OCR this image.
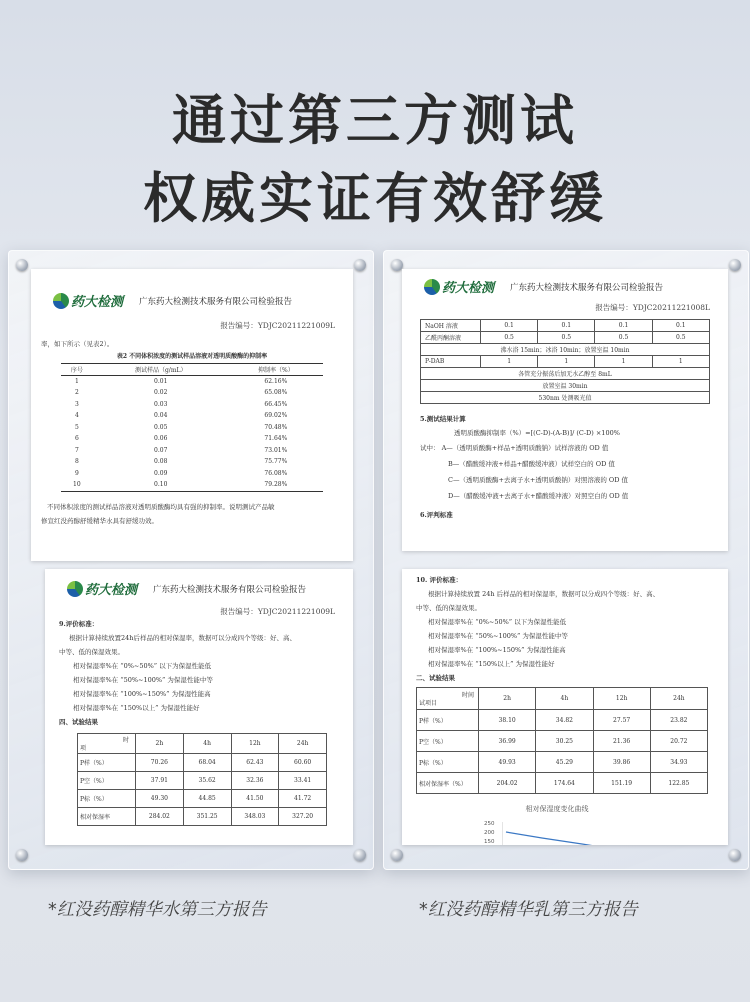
通过第三方测试
权威实证有效舒缓
药大检测 广东药大检测技术服务有限公司检验报告
报告编号：YDJC20211221009L
率，如下所示（见表2）。
表2 不同体积浓度的测试样品溶液对透明质酸酶的抑制率
序号	测试样品（g/mL）	抑制率（%）
1	0.01	62.16%
2	0.02	65.08%
3	0.03	66.45%
4	0.04	69.02%
5	0.05	70.48%
6	0.06	71.64%
7	0.07	73.01%
8	0.08	75.77%
9	0.09	76.08%
10	0.10	79.28%
不同体积浓度的测试样品溶液对透明质酸酶均具有强的抑制率。说明测试产品敏
修宣红没药醇舒缓精华水具有舒缓功效。
药大检测 广东药大检测技术服务有限公司检验报告
报告编号：YDJC20211221009L
9.评价标准：
根据计算持续放置24h后样品的相对保湿率，数据可以分成四个等级：好、高、
中等、低的保湿效果。
相对保湿率%在 “0%~50%” 以下为保湿性能低
相对保湿率%在 “50%~100%” 为保湿性能中等
相对保湿率%在 “100%~150%” 为保湿性能高
相对保湿率%在 “150%以上” 为保湿性能好
四、试验结果
时
项	2h	4h	12h	24h
P样（%）	70.26	68.04	62.43	60.60
P空（%）	37.91	35.62	32.36	33.41
P标（%）	49.30	44.85	41.50	41.72
相对保湿率	284.02	351.25	348.03	327.20
药大检测 广东药大检测技术服务有限公司检验报告
报告编号：YDJC20211221008L
NaOH 溶液	0.1	0.1	0.1	0.1
乙酰丙酮溶液	0.5	0.5	0.5	0.5
沸水浴 15min；冰浴 10min；放置室温 10min				
P-DAB	1	1	1	1
各管充分振荡后加无水乙醇至 8mL				
放置室温 30min				
530nm 处测吸光值				
5.测试结果计算
透明质酸酶抑制率（%）=[(C-D)-(A-B)]/ (C-D) ×100%
试中： A—（透明质酸酶+样品+透明质酸钠）试样溶液的 OD 值
B—（醋酸缓冲液+样品+醋酸缓冲液）试样空白的 OD 值
C—（透明质酸酶+去离子水+透明质酸钠）对照溶液的 OD 值
D—（醋酸缓冲液+去离子水+醋酸缓冲液）对照空白的 OD 值
6.评判标准
10. 评价标准：
根据计算持续放置 24h 后样品的相对保湿率，数据可以分成四个等级：好、高、
中等、低的保湿效果。
相对保湿率%在 “0%~50%” 以下为保湿性能低
相对保湿率%在 “50%~100%” 为保湿性能中等
相对保湿率%在 “100%~150%” 为保湿性能高
相对保湿率%在 “150%以上” 为保湿性能好
二、试验结果
时间
试项目	2h	4h	12h	24h
P样（%）	38.10	34.82	27.57	23.82
P空（%）	36.99	30.25	21.36	20.72
P标（%）	49.93	45.29	39.86	34.93
相对保湿率（%）	204.02	174.64	151.19	122.85
相对保湿度变化曲线
250
200
150
*红没药醇精华水第三方报告	*红没药醇精华乳第三方报告
